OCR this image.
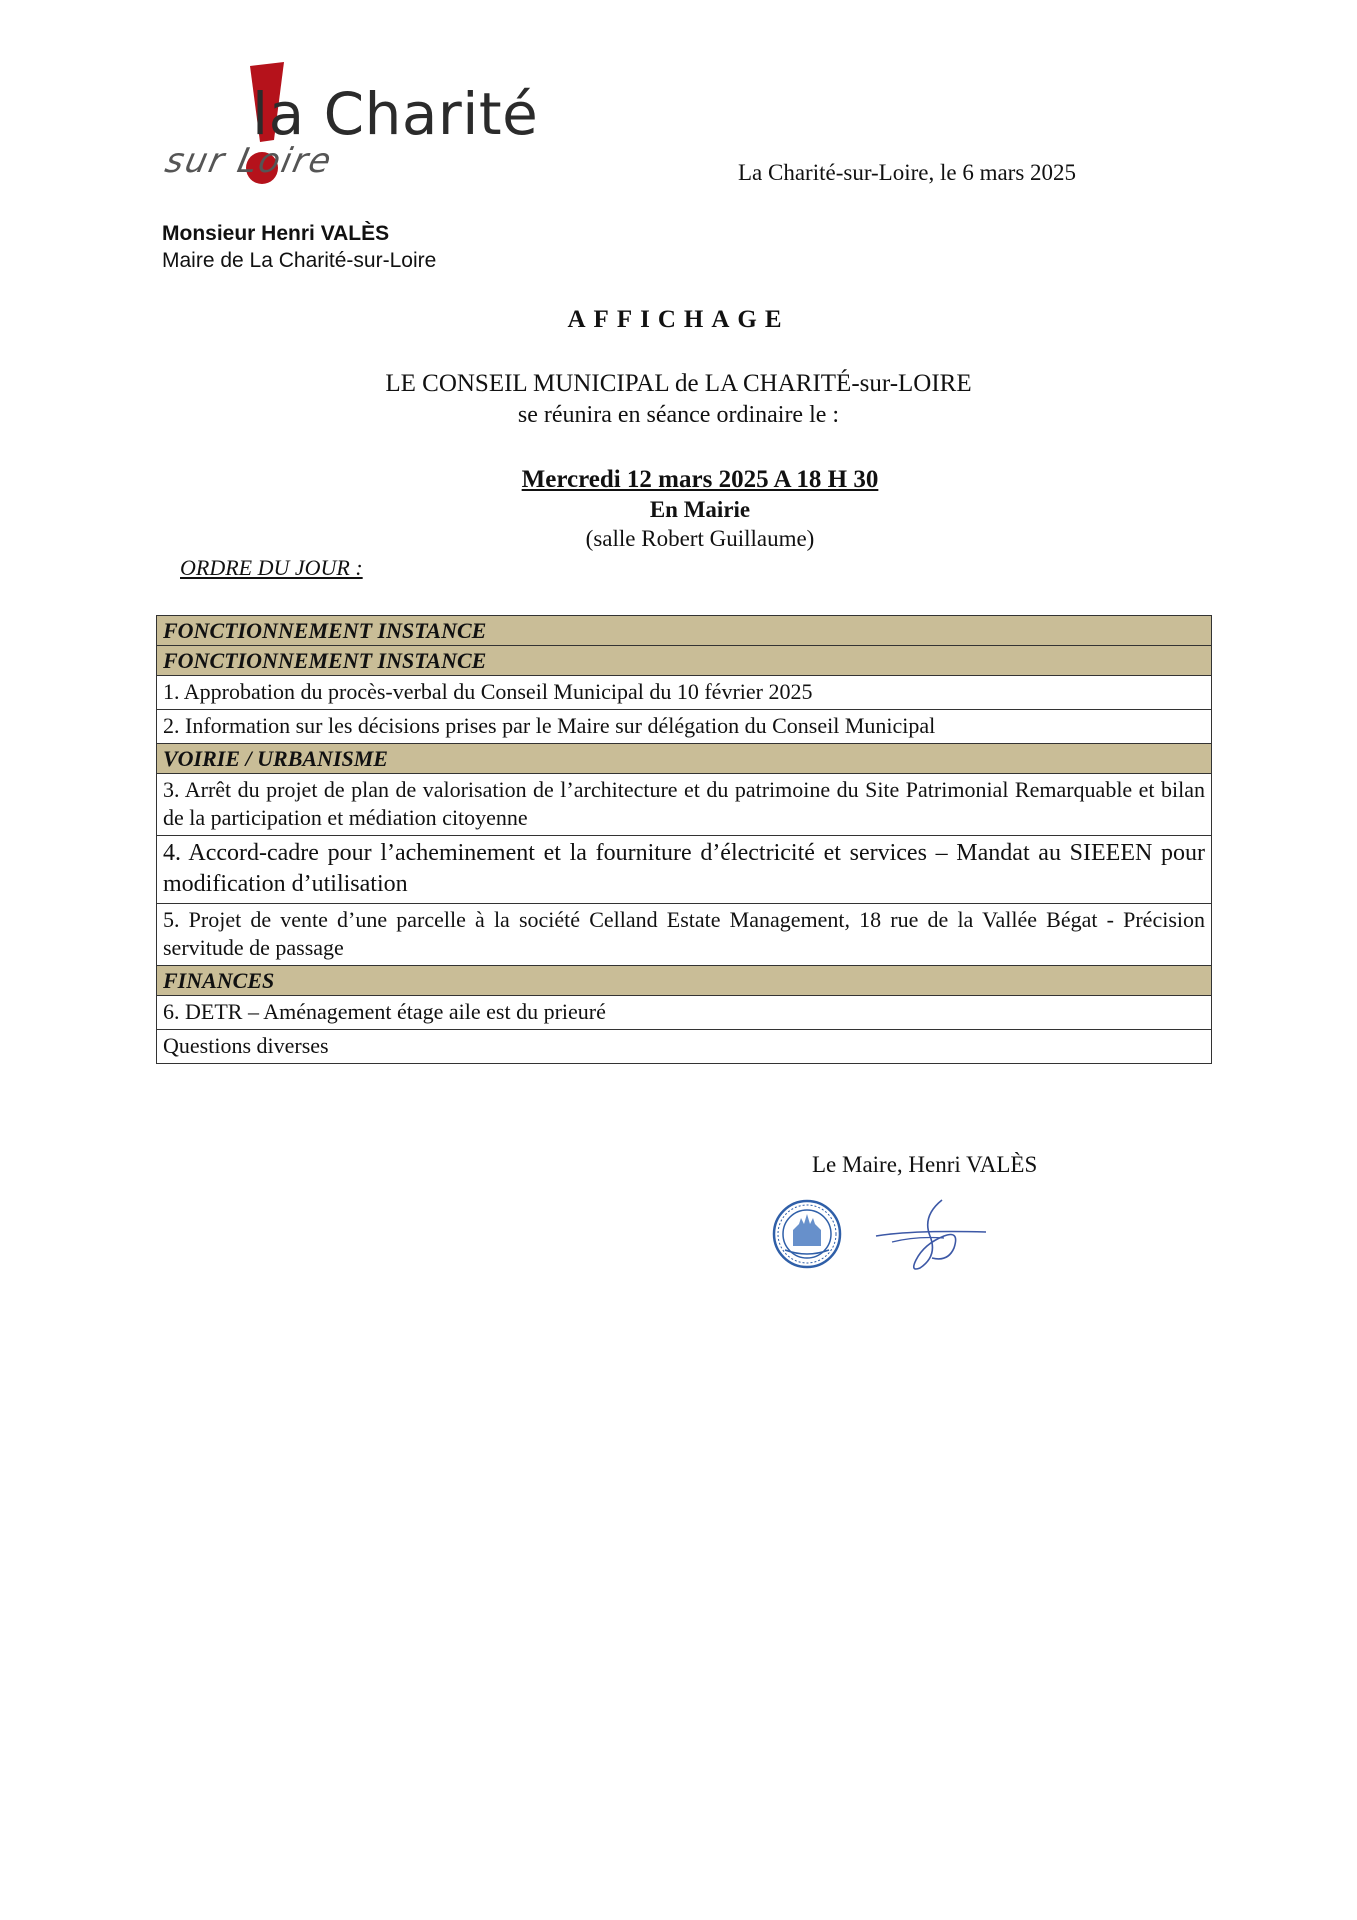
la Charité
sur Loire	La Charité-sur-Loire, le 6 mars 2025
Monsieur Henri VALÈS
Maire de La Charité-sur-Loire
AFFICHAGE
LE CONSEIL MUNICIPAL de LA CHARITÉ-sur-LOIRE
se réunira en séance ordinaire le :
Mercredi 12 mars 2025 A 18 H 30
En Mairie
(salle Robert Guillaume)
ORDRE DU JOUR :
FONCTIONNEMENT INSTANCE
FONCTIONNEMENT INSTANCE
1. Approbation du procès-verbal du Conseil Municipal du 10 février 2025
2. Information sur les décisions prises par le Maire sur délégation du Conseil Municipal
VOIRIE / URBANISME
3. Arrêt du projet de plan de valorisation de l’architecture et du patrimoine du Site Patrimonial Remarquable et bilan de la participation et médiation citoyenne
4. Accord-cadre pour l’acheminement et la fourniture d’électricité et services – Mandat au SIEEEN pour modification d’utilisation
5. Projet de vente d’une parcelle à la société Celland Estate Management, 18 rue de la Vallée Bégat - Précision servitude de passage
FINANCES
6. DETR – Aménagement étage aile est du prieuré
Questions diverses
Le Maire, Henri VALÈS
